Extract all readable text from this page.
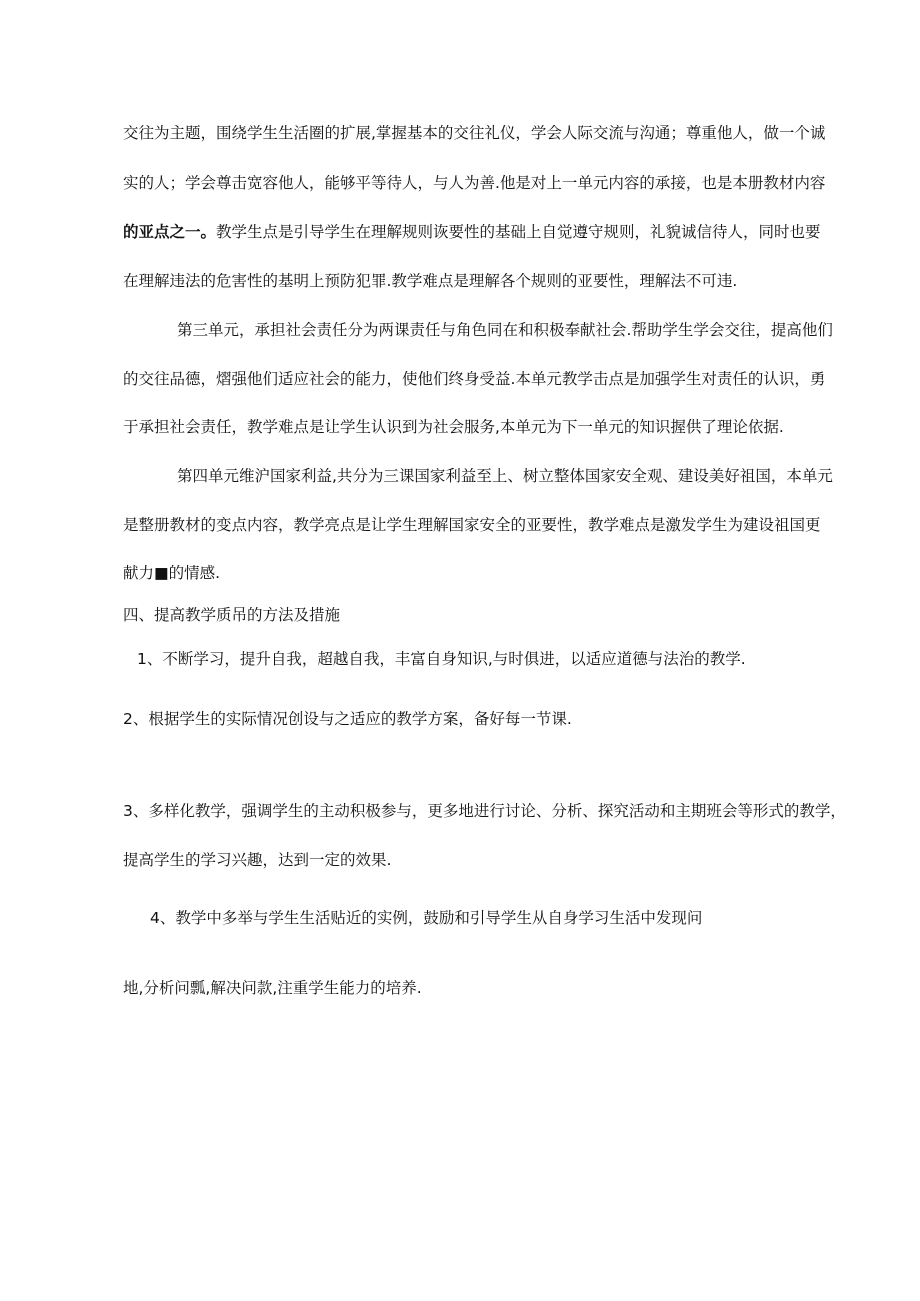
交往为主题，围绕学生生活圈的扩展,掌握基本的交往礼仪，学会人际交流与沟通；尊重他人，做一个诚
实的人；学会尊击宽容他人，能够平等待人，与人为善.他是对上一单元内容的承接，也是本册教材内容
的亚点之一。教学生点是引导学生在理解规则诙要性的基础上自觉遵守规则，礼貌诚信待人，同时也要
在理解违法的危害性的基明上预防犯罪.教学难点是理解各个规则的亚要性，理解法不可违.
第三单元，承担社会责任分为两课责任与角色同在和积极奉献社会.帮助学生学会交往，提高他们
的交往品德，熠强他们适应社会的能力，使他们终身受益.本单元教学击点是加强学生对责任的认识，勇
于承担社会责任，教学难点是让学生认识到为社会服务,本单元为下一单元的知识握供了理论依据.
第四单元维沪国家利益,共分为三课国家利益至上、树立整体国家安全观、建设美好祖国，本单元
是整册教材的变点内容，教学亮点是让学生理解国家安全的亚要性，教学难点是激发学生为建设祖国更
献力■的情感.
四、提高教学质吊的方法及措施
1、不断学习，提升自我，超越自我，丰富自身知识,与时俱进，以适应道德与法治的教学.
2、根据学生的实际情况创设与之适应的教学方案，备好每一节课.
3、多样化教学，强调学生的主动积极参与，更多地进行讨论、分析、探究活动和主期班会等形式的教学，
提高学生的学习兴趣，达到一定的效果.
4、教学中多举与学生生活贴近的实例，鼓励和引导学生从自身学习生活中发现问
地,分析问瓢,解决问款,注重学生能力的培养.
